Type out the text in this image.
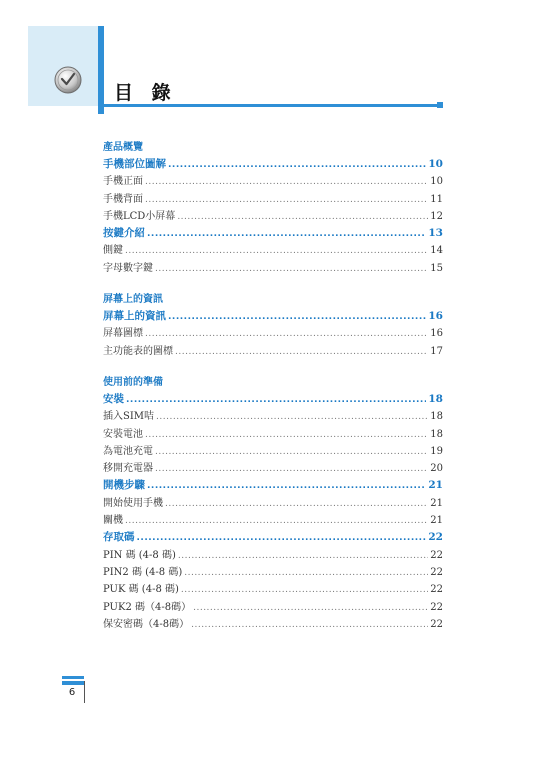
目 錄
產品概覽
手機部位圖解 .....	10
手機正面 .....	10
手機背面 .....	11
手機LCD小屏幕 .....	12
按鍵介紹 .....	13
側鍵 .....	14
字母數字鍵 .....	15
屏幕上的資訊
屏幕上的資訊 .....	16
屏幕圖標 .....	16
主功能表的圖標 .....	17
使用前的準備
安裝 .....	18
插入SIM咭 .....	18
安裝電池 .....	18
為電池充電 .....	19
移開充電器 .....	20
開機步驟 .....	21
開始使用手機 .....	21
關機 .....	21
存取碼 .....	22
PIN 碼 (4-8 碼) .....	22
PIN2 碼 (4-8 碼) .....	22
PUK 碼 (4-8 碼) .....	22
PUK2 碼（4-8碼） .....	22
保安密碼（4-8碼） .....	22
6
